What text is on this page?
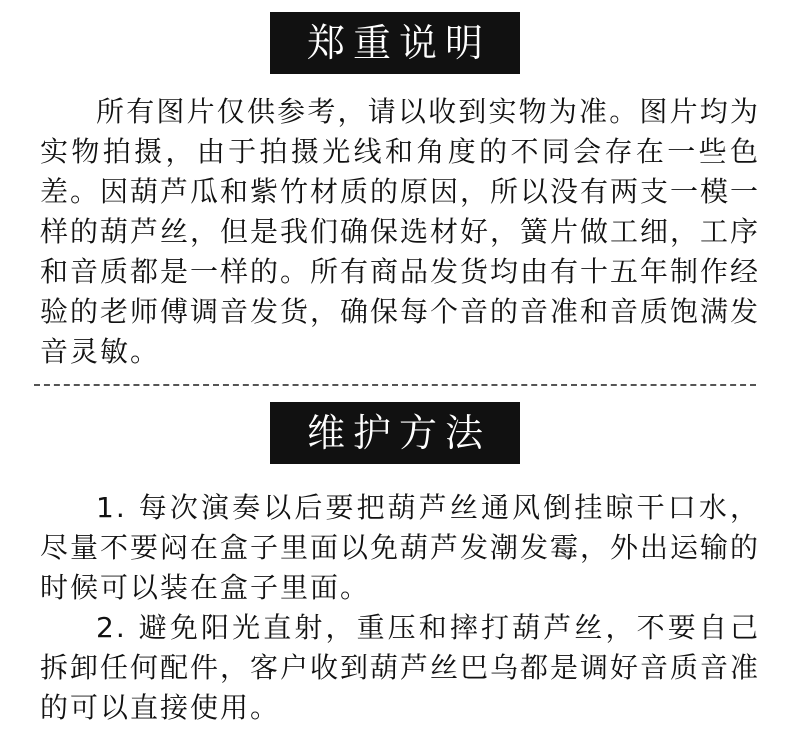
郑重说明

所有图片仅供参考，请以收到实物为准。图片均为实物拍摄，由于拍摄光线和角度的不同会存在一些色差。因葫芦瓜和紫竹材质的原因，所以没有两支一模一样的葫芦丝，但是我们确保选材好，簧片做工细，工序和音质都是一样的。所有商品发货均由有十五年制作经验的老师傅调音发货，确保每个音的音准和音质饱满发音灵敏。

维护方法

1. 每次演奏以后要把葫芦丝通风倒挂晾干口水，尽量不要闷在盒子里面以免葫芦发潮发霉，外出运输的时候可以装在盒子里面。

2. 避免阳光直射，重压和摔打葫芦丝，不要自己拆卸任何配件，客户收到葫芦丝巴乌都是调好音质音准的可以直接使用。
